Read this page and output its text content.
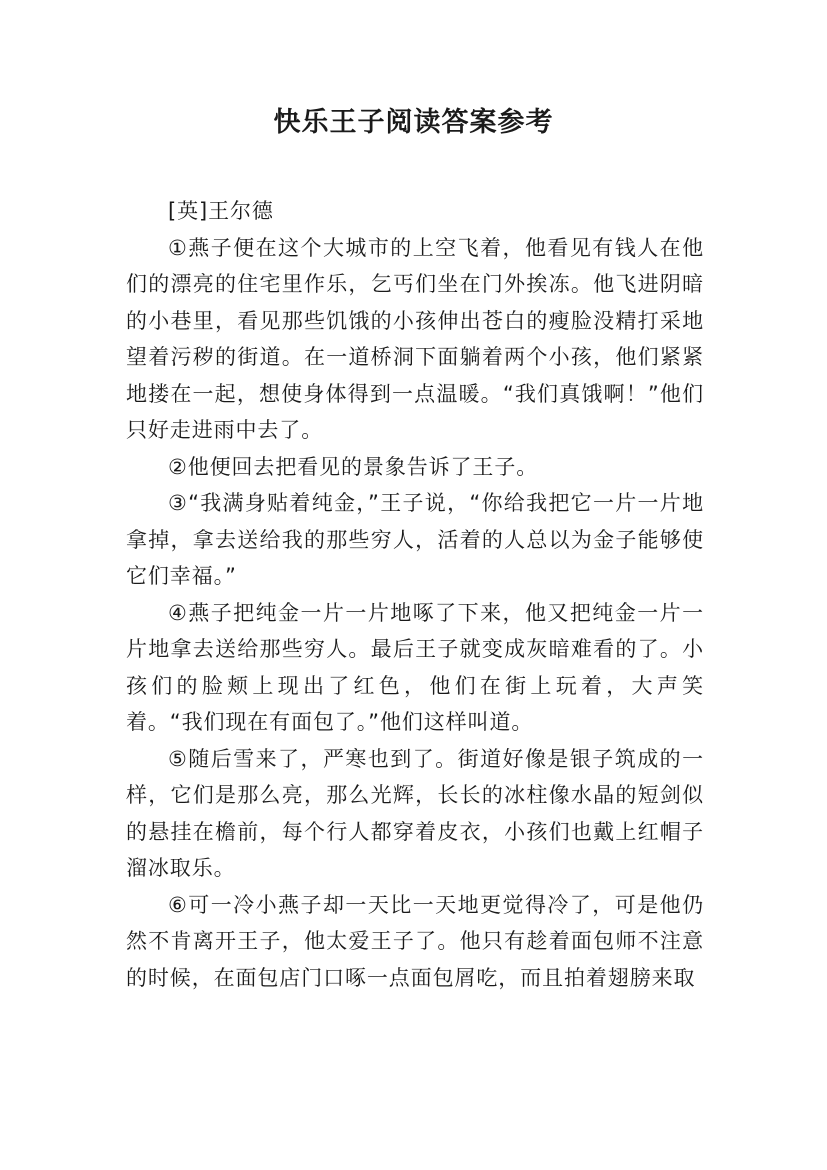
快乐王子阅读答案参考

[英]王尔德

①燕子便在这个大城市的上空飞着，他看见有钱人在他们的漂亮的住宅里作乐，乞丐们坐在门外挨冻。他飞进阴暗的小巷里，看见那些饥饿的小孩伸出苍白的瘦脸没精打采地望着污秽的街道。在一道桥洞下面躺着两个小孩，他们紧紧地搂在一起，想使身体得到一点温暖。“我们真饿啊！”他们只好走进雨中去了。

②他便回去把看见的景象告诉了王子。

③“我满身贴着纯金，”王子说，“你给我把它一片一片地拿掉，拿去送给我的那些穷人，活着的人总以为金子能够使它们幸福。”

④燕子把纯金一片一片地啄了下来，他又把纯金一片一片地拿去送给那些穷人。最后王子就变成灰暗难看的了。小孩们的脸颊上现出了红色，他们在街上玩着，大声笑着。“我们现在有面包了。”他们这样叫道。

⑤随后雪来了，严寒也到了。街道好像是银子筑成的一样，它们是那么亮，那么光辉，长长的冰柱像水晶的短剑似的悬挂在檐前，每个行人都穿着皮衣，小孩们也戴上红帽子溜冰取乐。

⑥可一冷小燕子却一天比一天地更觉得冷了，可是他仍然不肯离开王子，他太爱王子了。他只有趁着面包师不注意的时候，在面包店门口啄一点面包屑吃，而且拍着翅膀来取
